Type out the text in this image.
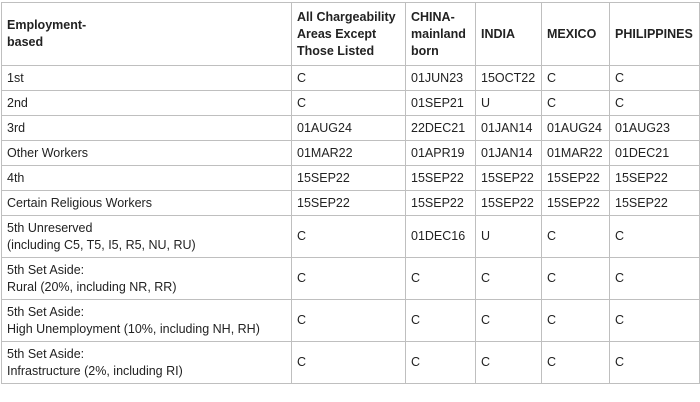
Employment-
based	All Chargeability Areas Except Those Listed	CHINA-mainland born	INDIA	MEXICO	PHILIPPINES

1st	C	01JUN23	15OCT22	C	C

2nd	C	01SEP21	U	C	C

3rd	01AUG24	22DEC21	01JAN14	01AUG24	01AUG23

Other Workers	01MAR22	01APR19	01JAN14	01MAR22	01DEC21

4th	15SEP22	15SEP22	15SEP22	15SEP22	15SEP22

Certain Religious Workers	15SEP22	15SEP22	15SEP22	15SEP22	15SEP22

5th Unreserved
(including C5, T5, I5, R5, NU, RU)	C	01DEC16	U	C	C

5th Set Aside:
Rural (20%, including NR, RR)	C	C	C	C	C

5th Set Aside:
High Unemployment (10%, including NH, RH)	C	C	C	C	C

5th Set Aside:
Infrastructure (2%, including RI)	C	C	C	C	C
